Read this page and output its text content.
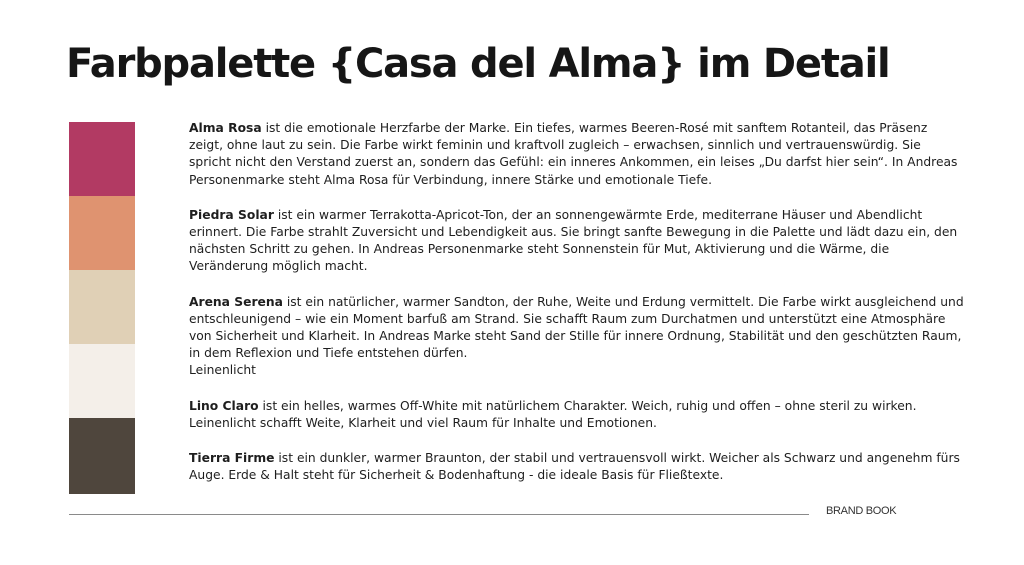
Farbpalette {Casa del Alma} im Detail

Alma Rosa ist die emotionale Herzfarbe der Marke. Ein tiefes, warmes Beeren-Rosé mit sanftem Rotanteil, das Präsenz zeigt, ohne laut zu sein. Die Farbe wirkt feminin und kraftvoll zugleich – erwachsen, sinnlich und vertrauenswürdig. Sie spricht nicht den Verstand zuerst an, sondern das Gefühl: ein inneres Ankommen, ein leises „Du darfst hier sein“. In Andreas Personenmarke steht Alma Rosa für Verbindung, innere Stärke und emotionale Tiefe.

Piedra Solar ist ein warmer Terrakotta-Apricot-Ton, der an sonnengewärmte Erde, mediterrane Häuser und Abendlicht erinnert. Die Farbe strahlt Zuversicht und Lebendigkeit aus. Sie bringt sanfte Bewegung in die Palette und lädt dazu ein, den nächsten Schritt zu gehen. In Andreas Personenmarke steht Sonnenstein für Mut, Aktivierung und die Wärme, die Veränderung möglich macht.

Arena Serena ist ein natürlicher, warmer Sandton, der Ruhe, Weite und Erdung vermittelt. Die Farbe wirkt ausgleichend und entschleunigend – wie ein Moment barfuß am Strand. Sie schafft Raum zum Durchatmen und unterstützt eine Atmosphäre von Sicherheit und Klarheit. In Andreas Marke steht Sand der Stille für innere Ordnung, Stabilität und den geschützten Raum, in dem Reflexion und Tiefe entstehen dürfen.
Leinenlicht

Lino Claro ist ein helles, warmes Off-White mit natürlichem Charakter. Weich, ruhig und offen – ohne steril zu wirken. Leinenlicht schafft Weite, Klarheit und viel Raum für Inhalte und Emotionen.

Tierra Firme ist ein dunkler, warmer Braunton, der stabil und vertrauensvoll wirkt. Weicher als Schwarz und angenehm fürs Auge. Erde & Halt steht für Sicherheit & Bodenhaftung - die ideale Basis für Fließtexte.

BRAND BOOK
